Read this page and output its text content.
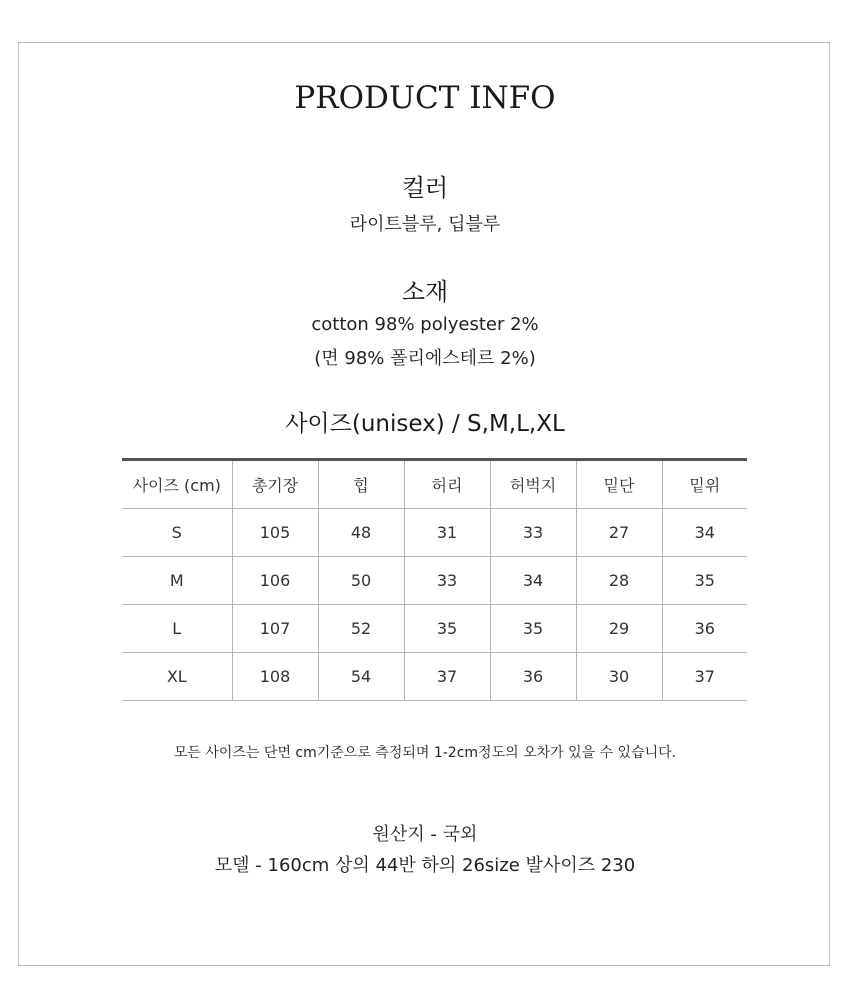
PRODUCT INFO
컬러
라이트블루, 딥블루
소재
cotton 98% polyester 2%
(면 98% 폴리에스테르 2%)
사이즈(unisex) / S,M,L,XL
사이즈 (cm)	총기장	힙	허리	허벅지	밑단	밑위
S	105	48	31	33	27	34
M	106	50	33	34	28	35
L	107	52	35	35	29	36
XL	108	54	37	36	30	37
모든 사이즈는 단면 cm기준으로 측정되며 1-2cm정도의 오차가 있을 수 있습니다.
원산지 - 국외
모델 - 160cm 상의 44반 하의 26size 발사이즈 230
